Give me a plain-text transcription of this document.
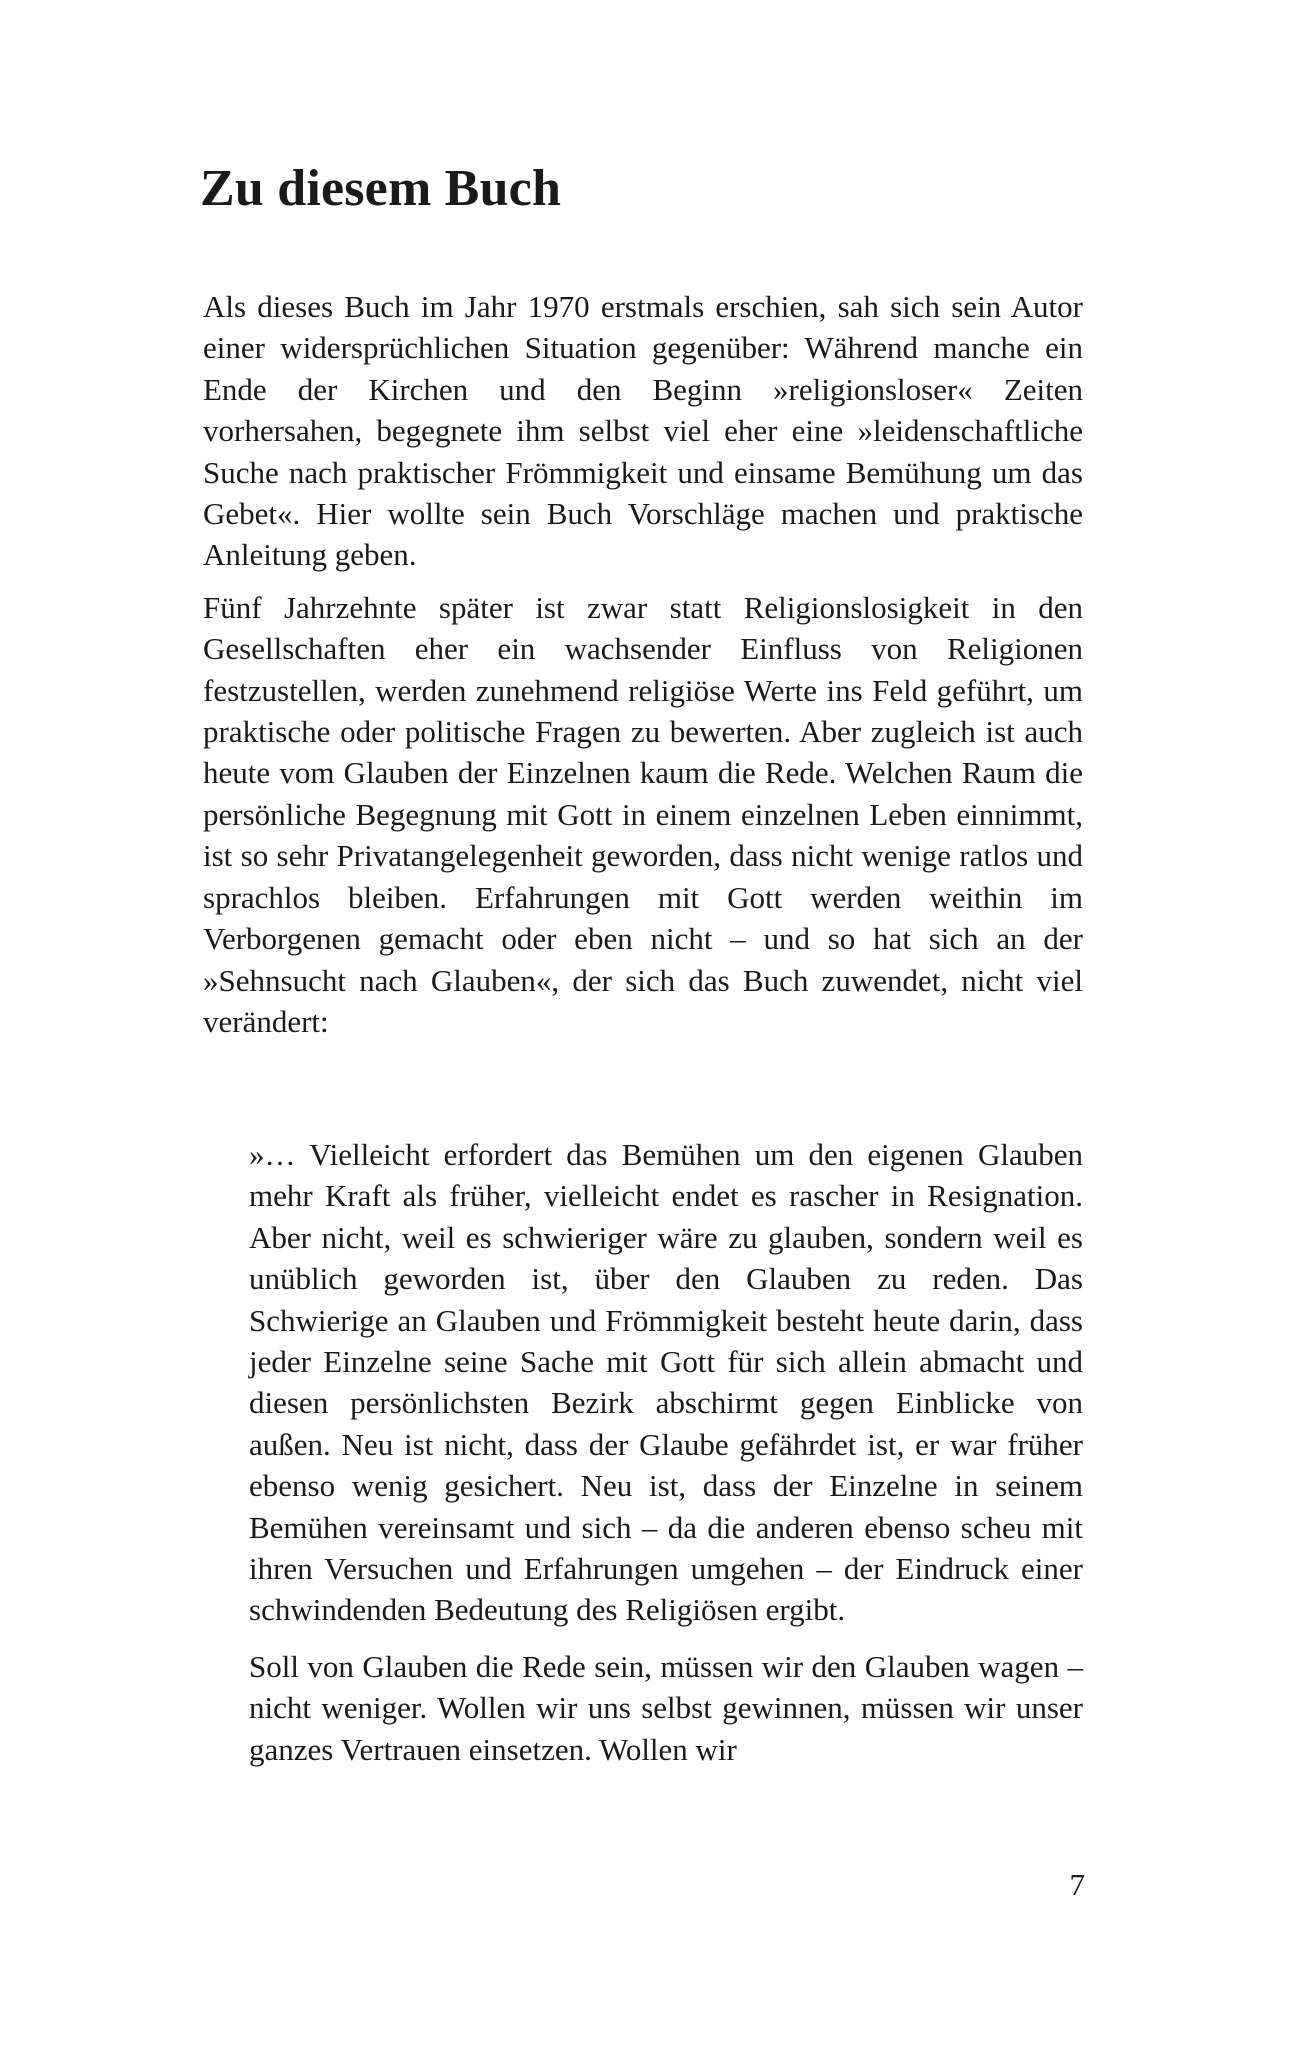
Zu diesem Buch

Als dieses Buch im Jahr 1970 erstmals erschien, sah sich sein Autor einer widersprüchlichen Situation gegenüber: Während manche ein Ende der Kirchen und den Beginn »religionsloser« Zeiten vorhersahen, begegnete ihm selbst viel eher eine »leidenschaftliche Suche nach praktischer Frömmigkeit und einsame Bemühung um das Gebet«. Hier wollte sein Buch Vorschläge machen und praktische Anleitung geben.

Fünf Jahrzehnte später ist zwar statt Religionslosigkeit in den Gesellschaften eher ein wachsender Einfluss von Religionen festzustellen, werden zunehmend religiöse Werte ins Feld geführt, um praktische oder politische Fragen zu bewerten. Aber zugleich ist auch heute vom Glauben der Einzelnen kaum die Rede. Welchen Raum die persönliche Begegnung mit Gott in einem einzelnen Leben einnimmt, ist so sehr Privatangelegenheit geworden, dass nicht wenige ratlos und sprachlos bleiben. Erfahrungen mit Gott werden weithin im Verborgenen gemacht oder eben nicht – und so hat sich an der »Sehnsucht nach Glauben«, der sich das Buch zuwendet, nicht viel verändert:

»… Vielleicht erfordert das Bemühen um den eigenen Glauben mehr Kraft als früher, vielleicht endet es rascher in Resignation. Aber nicht, weil es schwieriger wäre zu glauben, sondern weil es unüblich geworden ist, über den Glauben zu reden. Das Schwierige an Glauben und Frömmigkeit besteht heute darin, dass jeder Einzelne seine Sache mit Gott für sich allein abmacht und diesen persönlichsten Bezirk abschirmt gegen Einblicke von außen. Neu ist nicht, dass der Glaube gefährdet ist, er war früher ebenso wenig gesichert. Neu ist, dass der Einzelne in seinem Bemühen vereinsamt und sich – da die anderen ebenso scheu mit ihren Versuchen und Erfahrungen umgehen – der Eindruck einer schwindenden Bedeutung des Religiösen ergibt.

Soll von Glauben die Rede sein, müssen wir den Glauben wagen – nicht weniger. Wollen wir uns selbst gewinnen, müssen wir unser ganzes Vertrauen einsetzen. Wollen wir

7
